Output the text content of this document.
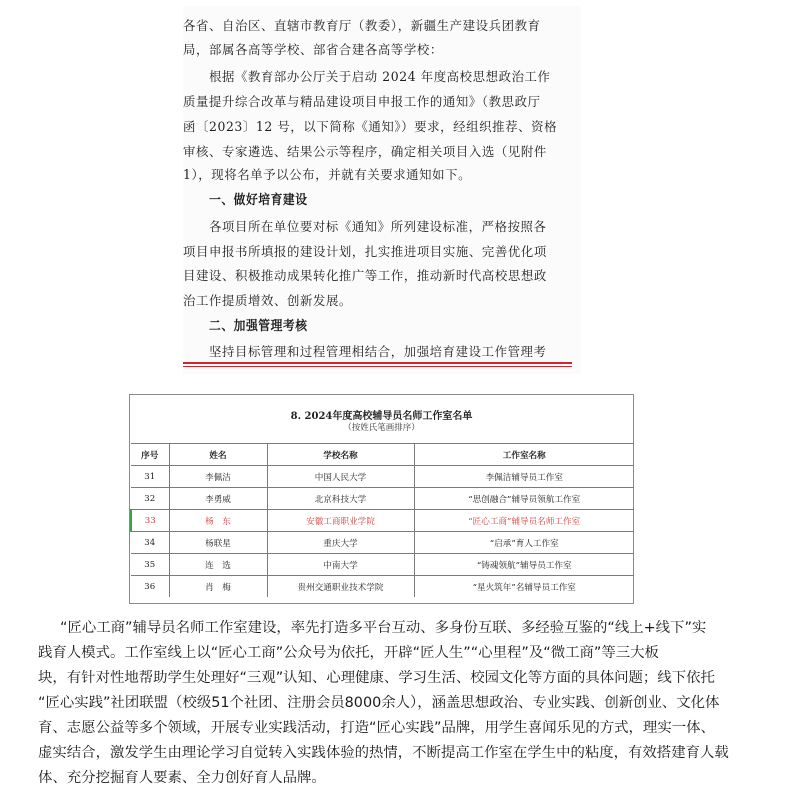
各省、自治区、直辖市教育厅（教委），新疆生产建设兵团教育
局，部属各高等学校、部省合建各高等学校：
根据《教育部办公厅关于启动 2024 年度高校思想政治工作
质量提升综合改革与精品建设项目申报工作的通知》（教思政厅
函〔2023〕12 号，以下简称《通知》）要求，经组织推荐、资格
审核、专家遴选、结果公示等程序，确定相关项目入选（见附件
1），现将名单予以公布，并就有关要求通知如下。
一、做好培育建设
各项目所在单位要对标《通知》所列建设标准，严格按照各
项目申报书所填报的建设计划，扎实推进项目实施、完善优化项
目建设、积极推动成果转化推广等工作，推动新时代高校思想政
治工作提质增效、创新发展。
二、加强管理考核
坚持目标管理和过程管理相结合，加强培育建设工作管理考
8. 2024年度高校辅导员名师工作室名单
（按姓氏笔画排序）
序号	姓名	学校名称	工作室名称
31	李佩洁	中国人民大学	李佩洁辅导员工作室
32	李勇威	北京科技大学	“思创融合”辅导员领航工作室
33	杨　东	安徽工商职业学院	“匠心工商”辅导员名师工作室
34	杨联星	重庆大学	“启承”育人工作室
35	连　选	中南大学	“铸魂领航”辅导员工作室
36	肖　梅	贵州交通职业技术学院	“星火筑年”名辅导员工作室
“匠心工商”辅导员名师工作室建设，率先打造多平台互动、多身份互联、多经验互鉴的“线上+线下”实
践育人模式。工作室线上以“匠心工商”公众号为依托，开辟“匠人生”“心里程”及“微工商”等三大板
块，有针对性地帮助学生处理好“三观”认知、心理健康、学习生活、校园文化等方面的具体问题；线下依托
“匠心实践”社团联盟（校级51个社团、注册会员8000余人），涵盖思想政治、专业实践、创新创业、文化体
育、志愿公益等多个领域，开展专业实践活动，打造“匠心实践”品牌，用学生喜闻乐见的方式，理实一体、
虚实结合，激发学生由理论学习自觉转入实践体验的热情，不断提高工作室在学生中的粘度，有效搭建育人载
体、充分挖掘育人要素、全力创好育人品牌。
